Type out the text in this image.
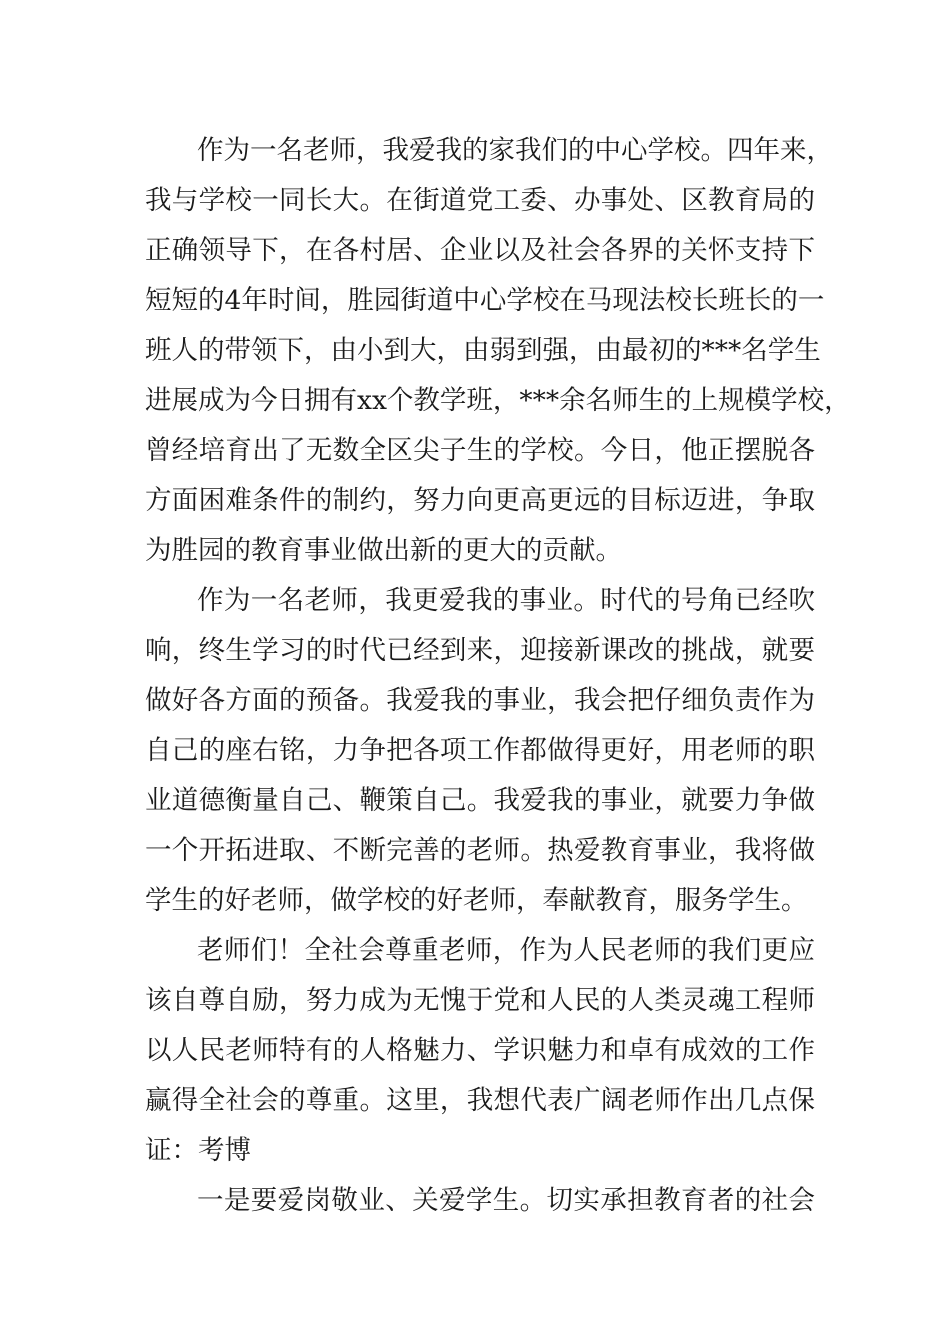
作为一名老师，我爱我的家我们的中心学校。四年来，
我与学校一同长大。在街道党工委、办事处、区教育局的
正确领导下，在各村居、企业以及社会各界的关怀支持下
短短的4年时间，胜园街道中心学校在马现法校长班长的一
班人的带领下，由小到大，由弱到强，由最初的***名学生
进展成为今日拥有xx个教学班，***余名师生的上规模学校，
曾经培育出了无数全区尖子生的学校。今日，他正摆脱各
方面困难条件的制约，努力向更高更远的目标迈进，争取
为胜园的教育事业做出新的更大的贡献。
作为一名老师，我更爱我的事业。时代的号角已经吹
响，终生学习的时代已经到来，迎接新课改的挑战，就要
做好各方面的预备。我爱我的事业，我会把仔细负责作为
自己的座右铭，力争把各项工作都做得更好，用老师的职
业道德衡量自己、鞭策自己。我爱我的事业，就要力争做
一个开拓进取、不断完善的老师。热爱教育事业，我将做
学生的好老师，做学校的好老师，奉献教育，服务学生。
老师们！全社会尊重老师，作为人民老师的我们更应
该自尊自励，努力成为无愧于党和人民的人类灵魂工程师
以人民老师特有的人格魅力、学识魅力和卓有成效的工作
赢得全社会的尊重。这里，我想代表广阔老师作出几点保
证：考博
一是要爱岗敬业、关爱学生。切实承担教育者的社会
